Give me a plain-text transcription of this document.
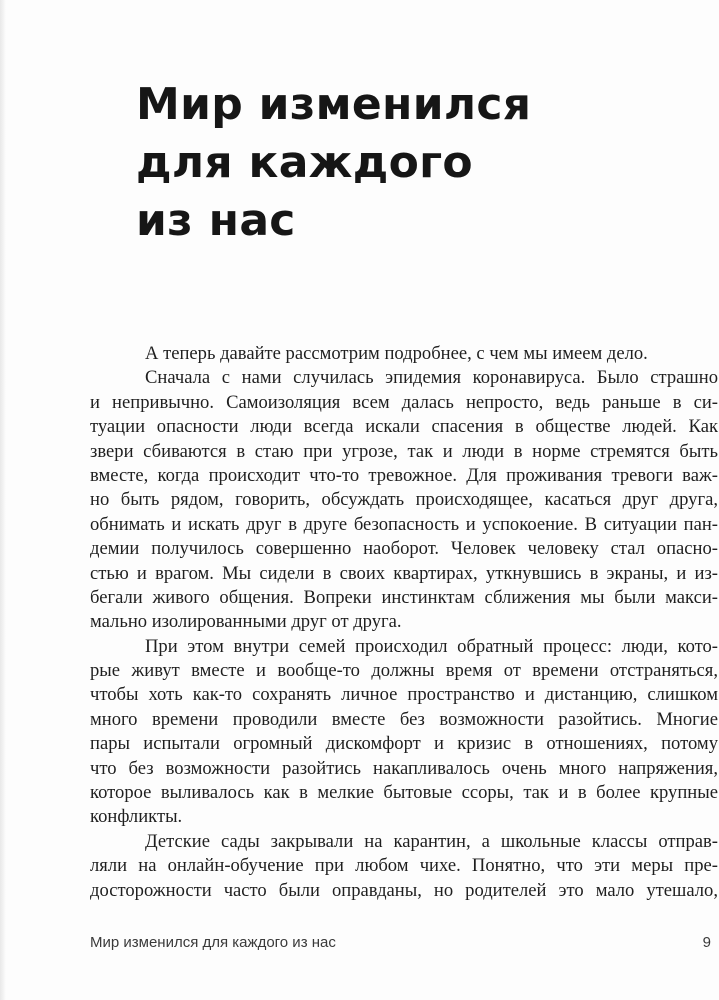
Мир изменился
для каждого
из нас
А теперь давайте рассмотрим подробнее, с чем мы имеем дело.
Сначала с нами случилась эпидемия коронавируса. Было страшно
и непривычно. Самоизоляция всем далась непросто, ведь раньше в си-
туации опасности люди всегда искали спасения в обществе людей. Как
звери сбиваются в стаю при угрозе, так и люди в норме стремятся быть
вместе, когда происходит что-то тревожное. Для проживания тревоги важ-
но быть рядом, говорить, обсуждать происходящее, касаться друг друга,
обнимать и искать друг в друге безопасность и успокоение. В ситуации пан-
демии получилось совершенно наоборот. Человек человеку стал опасно-
стью и врагом. Мы сидели в своих квартирах, уткнувшись в экраны, и из-
бегали живого общения. Вопреки инстинктам сближения мы были макси-
мально изолированными друг от друга.
При этом внутри семей происходил обратный процесс: люди, кото-
рые живут вместе и вообще-то должны время от времени отстраняться,
чтобы хоть как-то сохранять личное пространство и дистанцию, слишком
много времени проводили вместе без возможности разойтись. Многие
пары испытали огромный дискомфорт и кризис в отношениях, потому
что без возможности разойтись накапливалось очень много напряжения,
которое выливалось как в мелкие бытовые ссоры, так и в более крупные
конфликты.
Детские сады закрывали на карантин, а школьные классы отправ-
ляли на онлайн-обучение при любом чихе. Понятно, что эти меры пре-
досторожности часто были оправданы, но родителей это мало утешало,
Мир изменился для каждого из нас	9
